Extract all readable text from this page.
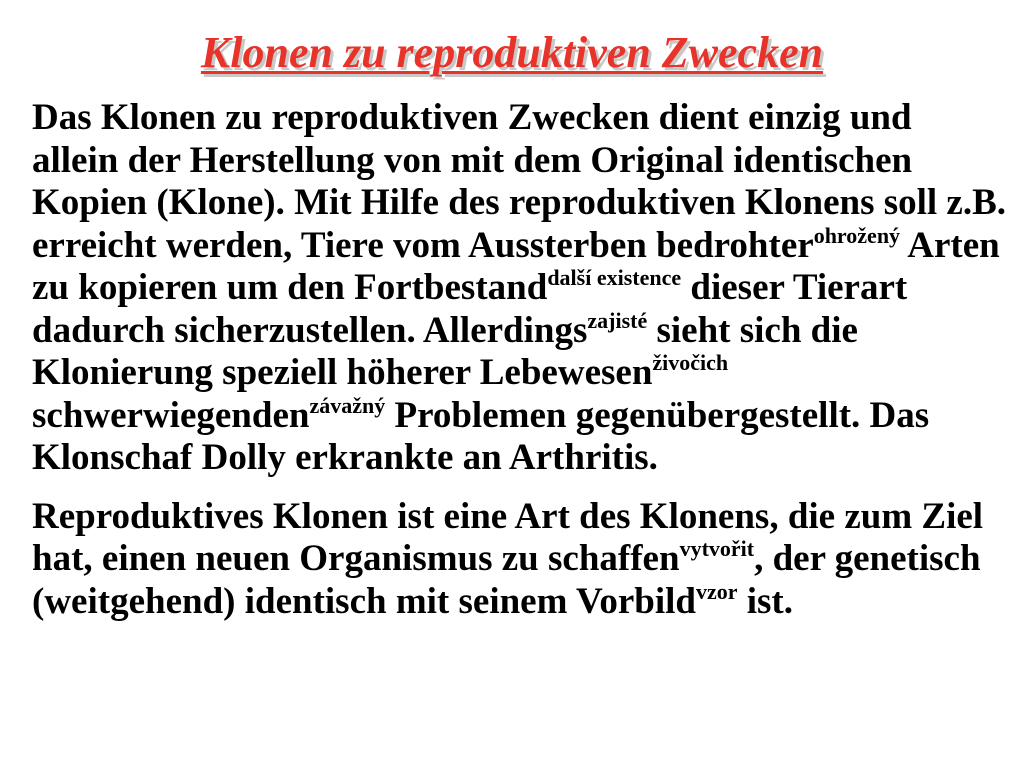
Klonen zu reproduktiven Zwecken

Das Klonen zu reproduktiven Zwecken dient einzig und allein der Herstellung von mit dem Original identischen Kopien (Klone). Mit Hilfe des reproduktiven Klonens soll z.B. erreicht werden, Tiere vom Aussterben bedrohter$^{ohrožený}$ Arten zu kopieren um den Fortbestand$^{další existence}$ dieser Tierart dadurch sicherzustellen. Allerdings$^{zajisté}$ sieht sich die Klonierung speziell höherer Lebewesen$^{živočich}$ schwerwiegenden$^{závažný}$ Problemen gegenübergestellt. Das Klonschaf Dolly erkrankte an Arthritis.

Reproduktives Klonen ist eine Art des Klonens, die zum Ziel hat, einen neuen Organismus zu schaffen$^{vytvořit}$, der genetisch (weitgehend) identisch mit seinem Vorbild$^{vzor}$ ist.
